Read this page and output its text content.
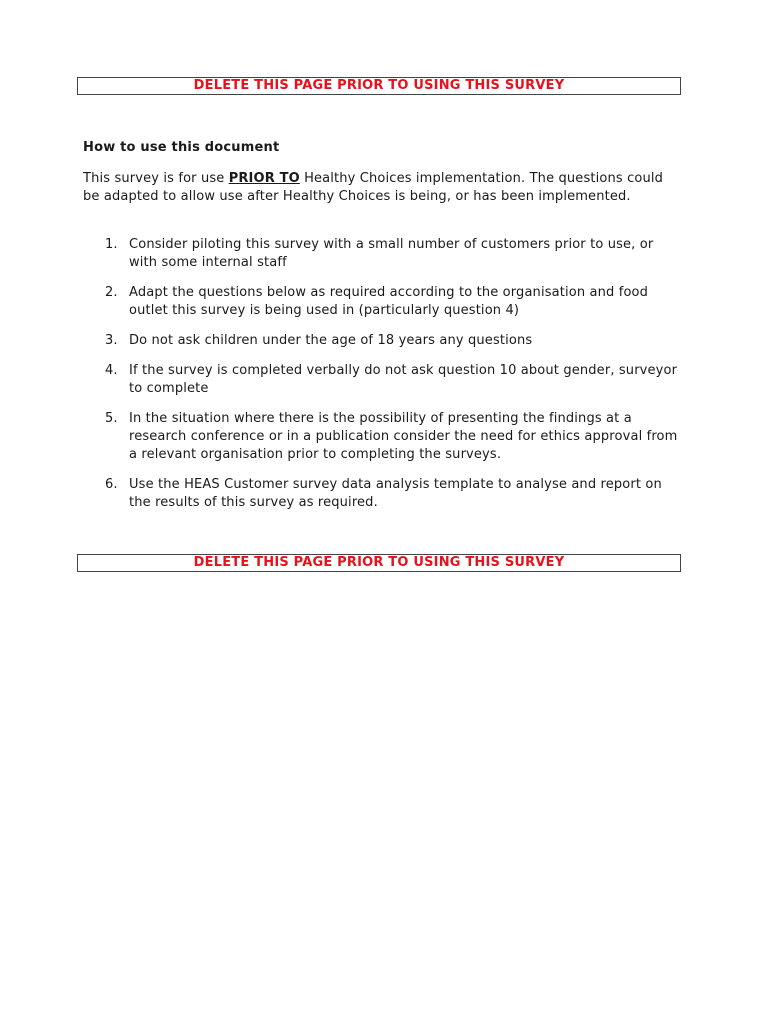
DELETE THIS PAGE PRIOR TO USING THIS SURVEY
How to use this document

This survey is for use PRIOR TO Healthy Choices implementation. The questions could be adapted to allow use after Healthy Choices is being, or has been implemented.

1. Consider piloting this survey with a small number of customers prior to use, or with some internal staff
2. Adapt the questions below as required according to the organisation and food outlet this survey is being used in (particularly question 4)
3. Do not ask children under the age of 18 years any questions
4. If the survey is completed verbally do not ask question 10 about gender, surveyor to complete
5. In the situation where there is the possibility of presenting the findings at a research conference or in a publication consider the need for ethics approval from a relevant organisation prior to completing the surveys.
6. Use the HEAS Customer survey data analysis template to analyse and report on the results of this survey as required.
DELETE THIS PAGE PRIOR TO USING THIS SURVEY
